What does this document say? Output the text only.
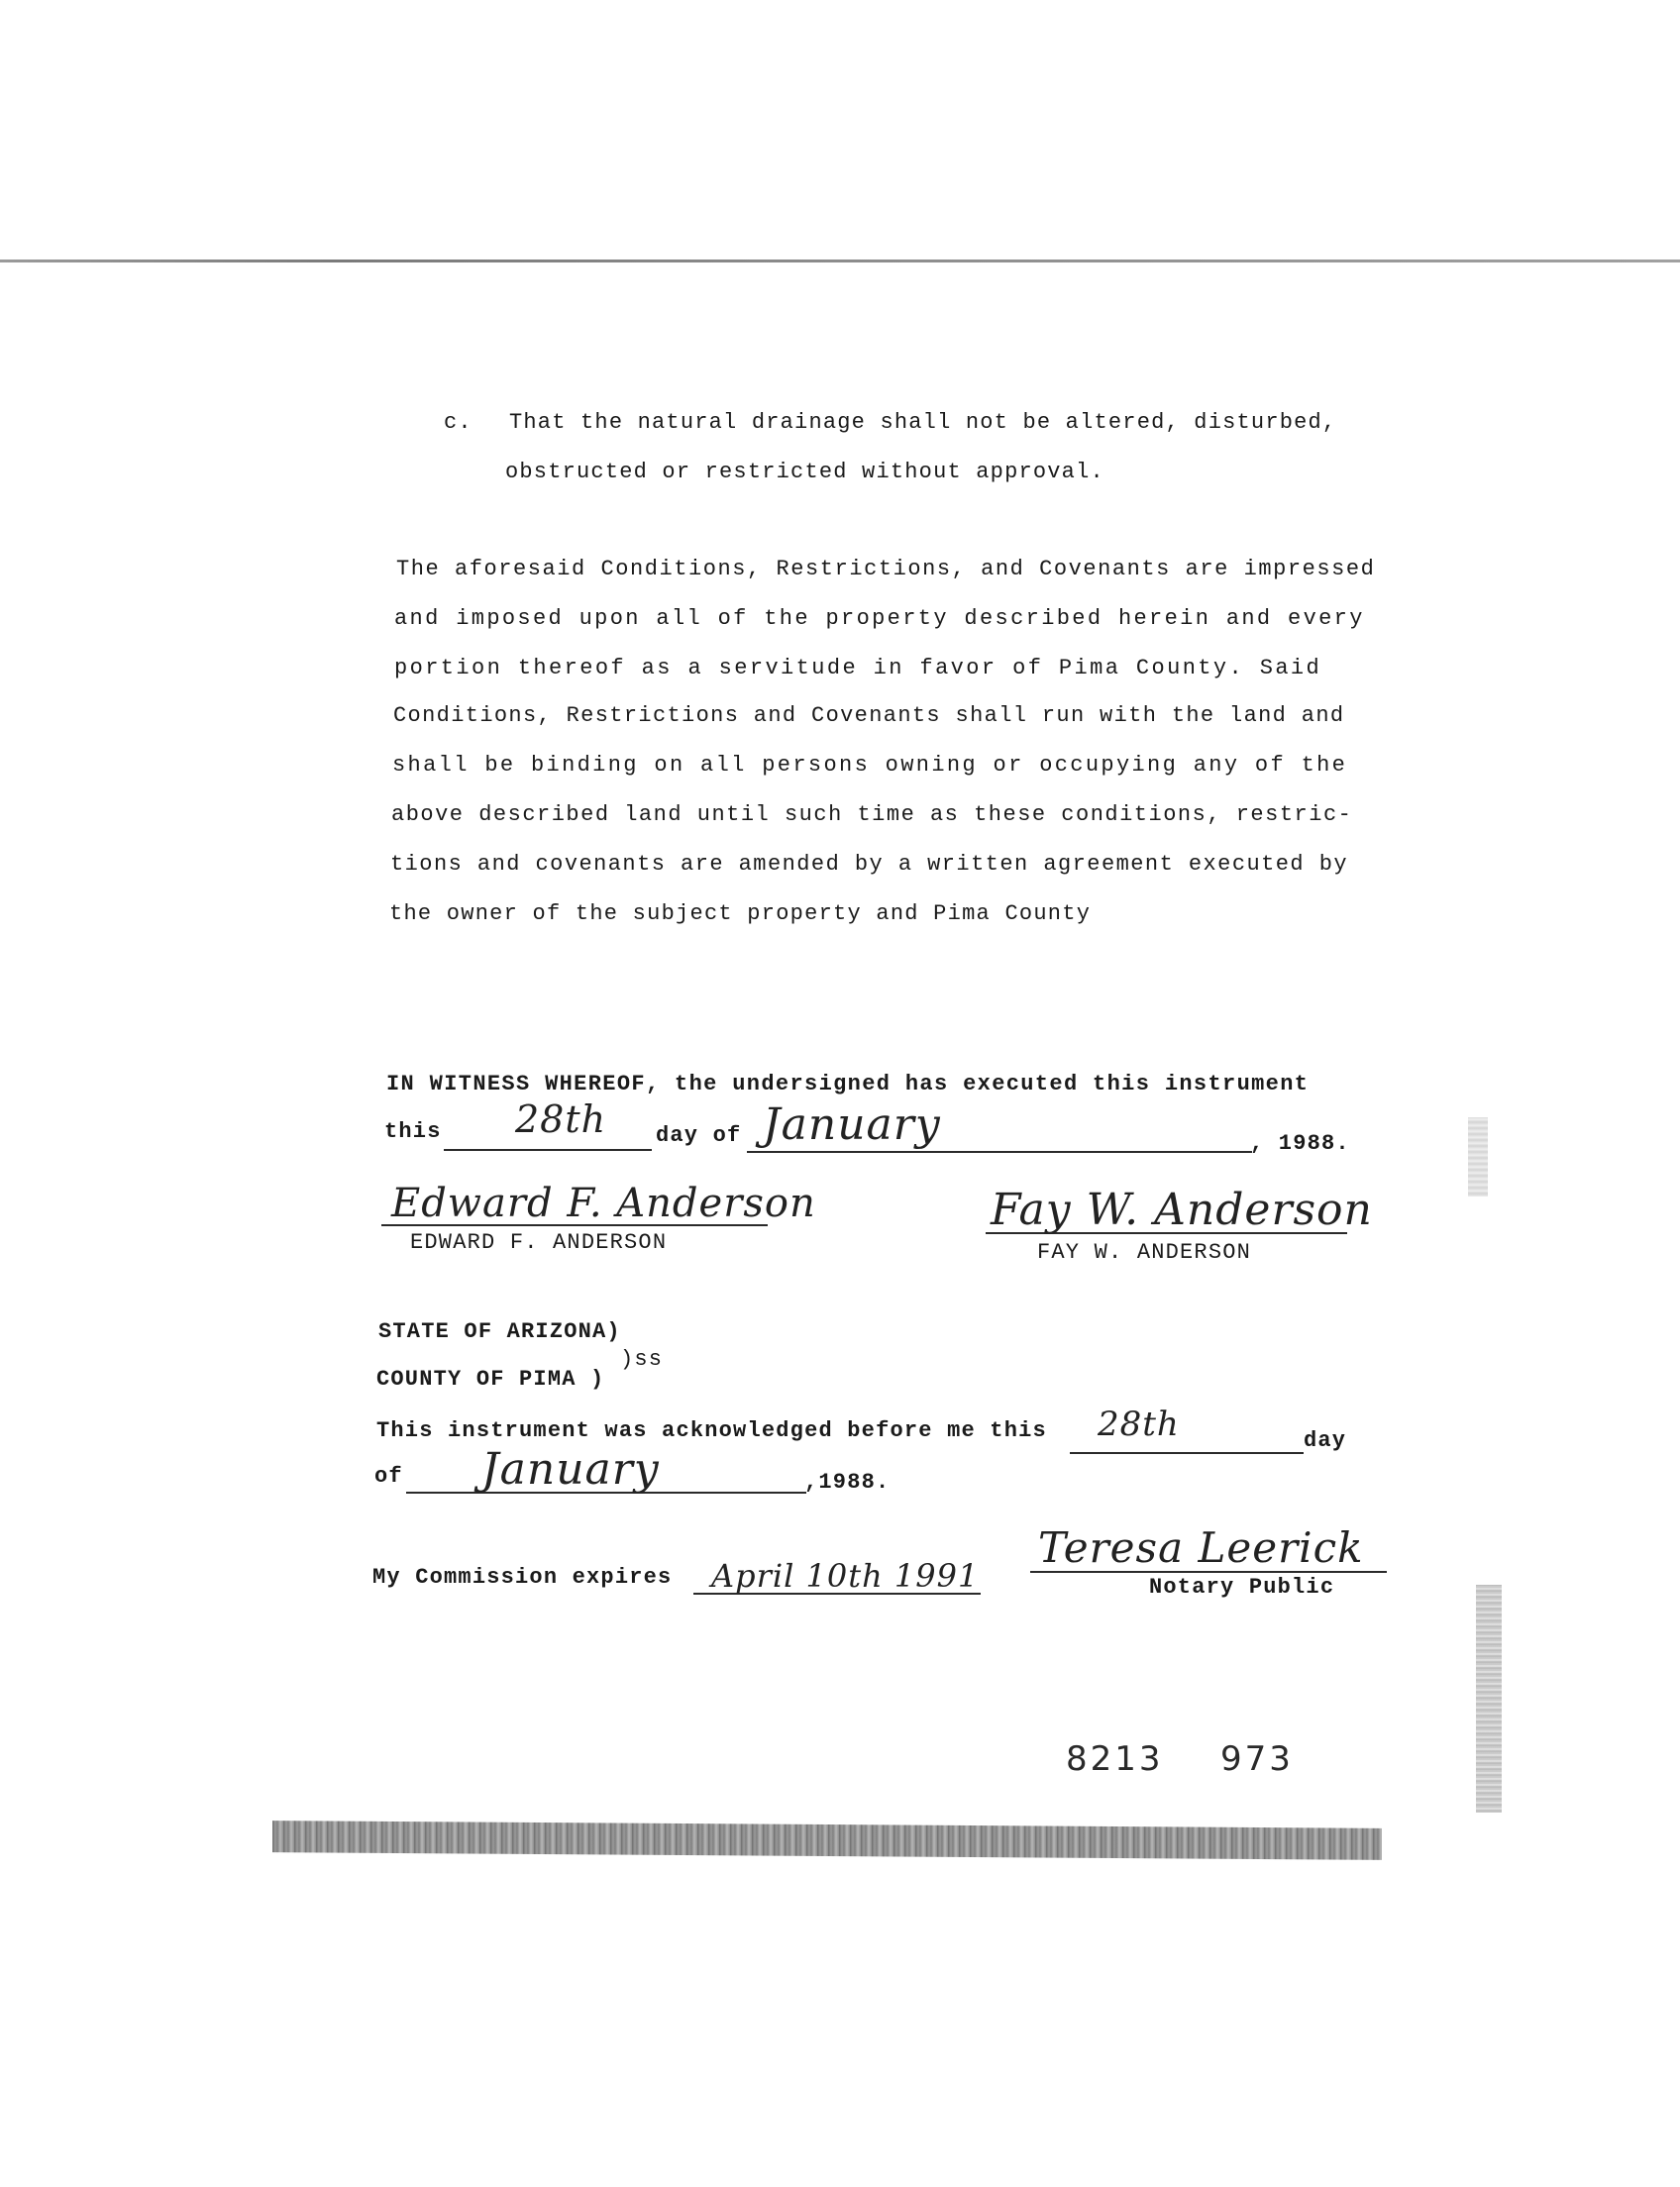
c. That the natural drainage shall not be altered, disturbed,
obstructed or restricted without approval.
The aforesaid Conditions, Restrictions, and Covenants are impressed
and imposed upon all of the property described herein and every
portion thereof as a servitude in favor of Pima County. Said
Conditions, Restrictions and Covenants shall run with the land and
shall be binding on all persons owning or occupying any of the
above described land until such time as these conditions, restric-
tions and covenants are amended by a written agreement executed by
the owner of the subject property and Pima County
IN WITNESS WHEREOF, the undersigned has executed this instrument
this 28th day of January	, 1988.
Edward F. Anderson
EDWARD F. ANDERSON
Fay W. Anderson
FAY W. ANDERSON
STATE OF ARIZONA)
)ss
COUNTY OF PIMA )
This instrument was acknowledged before me this 28th	day
of January	,1988.
My Commission expires April 10th 1991
Teresa Leerick
Notary Public
8213 973
